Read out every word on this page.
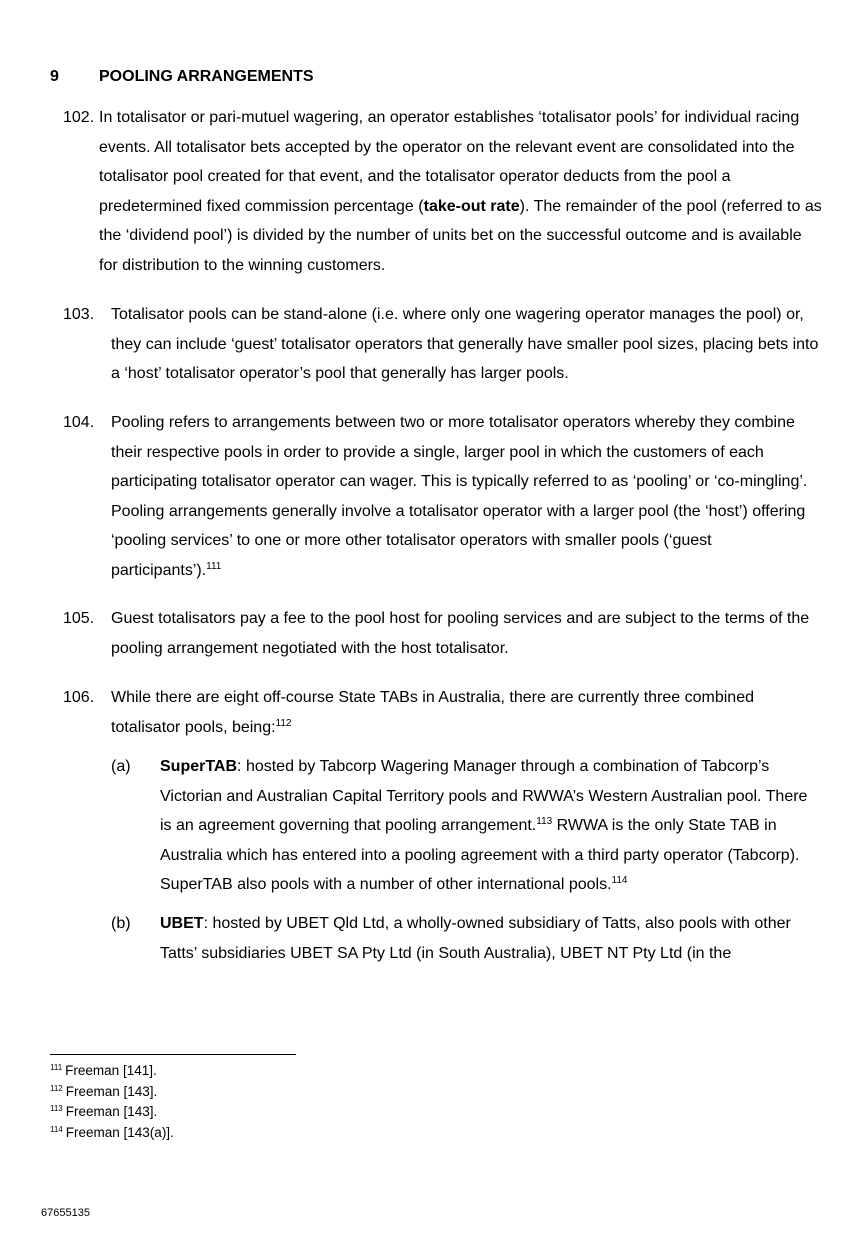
9	POOLING ARRANGEMENTS
102. In totalisator or pari-mutuel wagering, an operator establishes ‘totalisator pools’ for individual racing events. All totalisator bets accepted by the operator on the relevant event are consolidated into the totalisator pool created for that event, and the totalisator operator deducts from the pool a predetermined fixed commission percentage (take-out rate). The remainder of the pool (referred to as the ‘dividend pool’) is divided by the number of units bet on the successful outcome and is available for distribution to the winning customers.
103. Totalisator pools can be stand-alone (i.e. where only one wagering operator manages the pool) or, they can include ‘guest’ totalisator operators that generally have smaller pool sizes, placing bets into a ‘host’ totalisator operator’s pool that generally has larger pools.
104. Pooling refers to arrangements between two or more totalisator operators whereby they combine their respective pools in order to provide a single, larger pool in which the customers of each participating totalisator operator can wager. This is typically referred to as ‘pooling’ or ‘co-mingling’. Pooling arrangements generally involve a totalisator operator with a larger pool (the ‘host’) offering ‘pooling services’ to one or more other totalisator operators with smaller pools (‘guest participants’).$^{111}$
105. Guest totalisators pay a fee to the pool host for pooling services and are subject to the terms of the pooling arrangement negotiated with the host totalisator.
106. While there are eight off-course State TABs in Australia, there are currently three combined totalisator pools, being:$^{112}$
(a) SuperTAB: hosted by Tabcorp Wagering Manager through a combination of Tabcorp’s Victorian and Australian Capital Territory pools and RWWA’s Western Australian pool. There is an agreement governing that pooling arrangement.$^{113}$ RWWA is the only State TAB in Australia which has entered into a pooling agreement with a third party operator (Tabcorp). SuperTAB also pools with a number of other international pools.$^{114}$
(b) UBET: hosted by UBET Qld Ltd, a wholly-owned subsidiary of Tatts, also pools with other Tatts’ subsidiaries UBET SA Pty Ltd (in South Australia), UBET NT Pty Ltd (in the
$^{111}$ Freeman [141].
$^{112}$ Freeman [143].
$^{113}$ Freeman [143].
$^{114}$ Freeman [143(a)].
67655135
